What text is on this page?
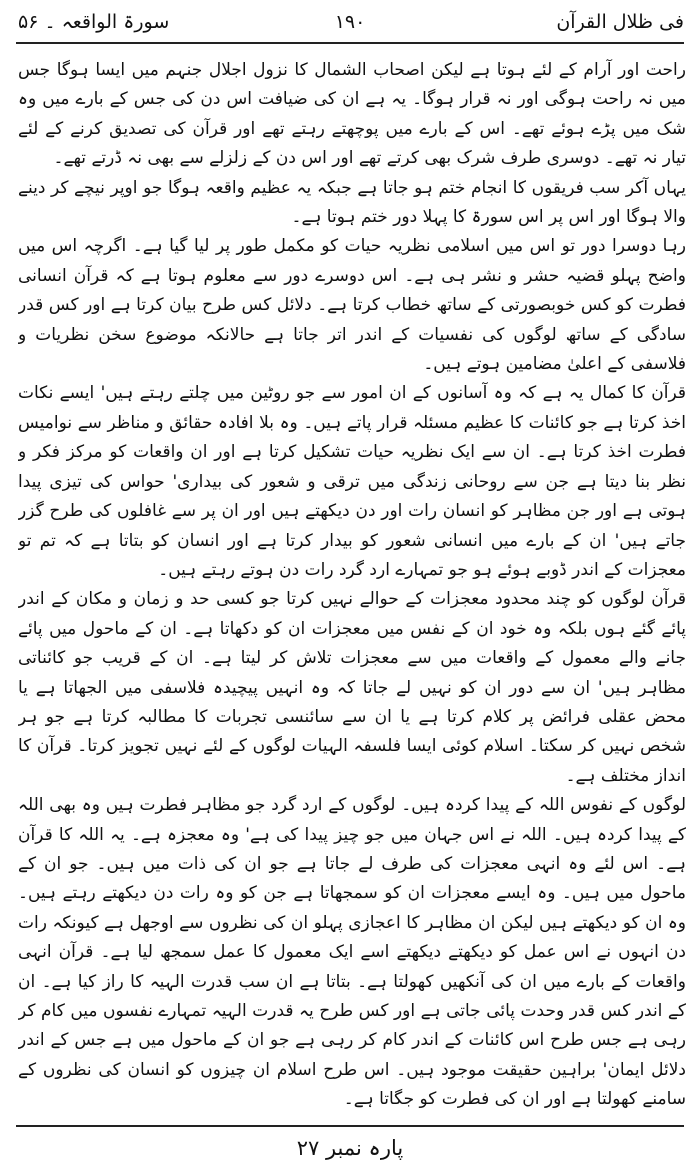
فی ظلال القرآن
۱۹۰
سورۃ الواقعہ ۔ ۵۶

راحت اور آرام کے لئے ہوتا ہے لیکن اصحاب الشمال کا نزول اجلال جنہم میں ایسا ہوگا جس میں نہ راحت ہوگی اور نہ قرار ہوگا۔ یہ ہے ان کی ضیافت اس دن کی جس کے بارے میں وہ شک میں پڑے ہوئے تھے۔ اس کے بارے میں پوچھتے رہتے تھے اور قرآن کی تصدیق کرنے کے لئے تیار نہ تھے۔ دوسری طرف شرک بھی کرتے تھے اور اس دن کے زلزلے سے بھی نہ ڈرتے تھے۔

یہاں آکر سب فریقوں کا انجام ختم ہو جاتا ہے جبکہ یہ عظیم واقعہ ہوگا جو اوپر نیچے کر دینے والا ہوگا اور اس پر اس سورۃ کا پہلا دور ختم ہوتا ہے۔

رہا دوسرا دور تو اس میں اسلامی نظریہ حیات کو مکمل طور پر لیا گیا ہے۔ اگرچہ اس میں واضح پہلو قضیہ حشر و نشر ہی ہے۔ اس دوسرے دور سے معلوم ہوتا ہے کہ قرآن انسانی فطرت کو کس خوبصورتی کے ساتھ خطاب کرتا ہے۔ دلائل کس طرح بیان کرتا ہے اور کس قدر سادگی کے ساتھ لوگوں کی نفسیات کے اندر اتر جاتا ہے حالانکہ موضوع سخن نظریات و فلاسفی کے اعلیٰ مضامین ہوتے ہیں۔

قرآن کا کمال یہ ہے کہ وہ آسانوں کے ان امور سے جو روٹین میں چلتے رہتے ہیں' ایسے نکات اخذ کرتا ہے جو کائنات کا عظیم مسئلہ قرار پاتے ہیں۔ وہ بلا افادہ حقائق و مناظر سے نوامیس فطرت اخذ کرتا ہے۔ ان سے ایک نظریہ حیات تشکیل کرتا ہے اور ان واقعات کو مرکز فکر و نظر بنا دیتا ہے جن سے روحانی زندگی میں ترقی و شعور کی بیداری' حواس کی تیزی پیدا ہوتی ہے اور جن مظاہر کو انسان رات اور دن دیکھتے ہیں اور ان پر سے غافلوں کی طرح گزر جاتے ہیں' ان کے بارے میں انسانی شعور کو بیدار کرتا ہے اور انسان کو بتاتا ہے کہ تم تو معجزات کے اندر ڈوبے ہوئے ہو جو تمہارے ارد گرد رات دن ہوتے رہتے ہیں۔

قرآن لوگوں کو چند محدود معجزات کے حوالے نہیں کرتا جو کسی حد و زمان و مکان کے اندر پائے گئے ہوں بلکہ وہ خود ان کے نفس میں معجزات ان کو دکھاتا ہے۔ ان کے ماحول میں پائے جانے والے معمول کے واقعات میں سے معجزات تلاش کر لیتا ہے۔ ان کے قریب جو کائناتی مظاہر ہیں' ان سے دور ان کو نہیں لے جاتا کہ وہ انہیں پیچیدہ فلاسفی میں الجھاتا ہے یا محض عقلی فرائض پر کلام کرتا ہے یا ان سے سائنسی تجربات کا مطالبہ کرتا ہے جو ہر شخص نہیں کر سکتا۔ اسلام کوئی ایسا فلسفہ الہیات لوگوں کے لئے نہیں تجویز کرتا۔ قرآن کا انداز مختلف ہے۔

لوگوں کے نفوس اللہ کے پیدا کردہ ہیں۔ لوگوں کے ارد گرد جو مظاہر فطرت ہیں وہ بھی اللہ کے پیدا کردہ ہیں۔ اللہ نے اس جہان میں جو چیز پیدا کی ہے' وہ معجزہ ہے۔ یہ اللہ کا قرآن ہے۔ اس لئے وہ انہی معجزات کی طرف لے جاتا ہے جو ان کی ذات میں ہیں۔ جو ان کے ماحول میں ہیں۔ وہ ایسے معجزات ان کو سمجھاتا ہے جن کو وہ رات دن دیکھتے رہتے ہیں۔ وہ ان کو دیکھتے ہیں لیکن ان مظاہر کا اعجازی پہلو ان کی نظروں سے اوجھل ہے کیونکہ رات دن انہوں نے اس عمل کو دیکھتے دیکھتے اسے ایک معمول کا عمل سمجھ لیا ہے۔ قرآن انہی واقعات کے بارے میں ان کی آنکھیں کھولتا ہے۔ بتاتا ہے ان سب قدرت الہیہ کا راز کیا ہے۔ ان کے اندر کس قدر وحدت پائی جاتی ہے اور کس طرح یہ قدرت الہیہ تمہارے نفسوں میں کام کر رہی ہے جس طرح اس کائنات کے اندر کام کر رہی ہے جو ان کے ماحول میں ہے جس کے اندر دلائل ایمان' براہین حقیقت موجود ہیں۔ اس طرح اسلام ان چیزوں کو انسان کی نظروں کے سامنے کھولتا ہے اور ان کی فطرت کو جگاتا ہے۔

پارہ نمبر ۲۷
